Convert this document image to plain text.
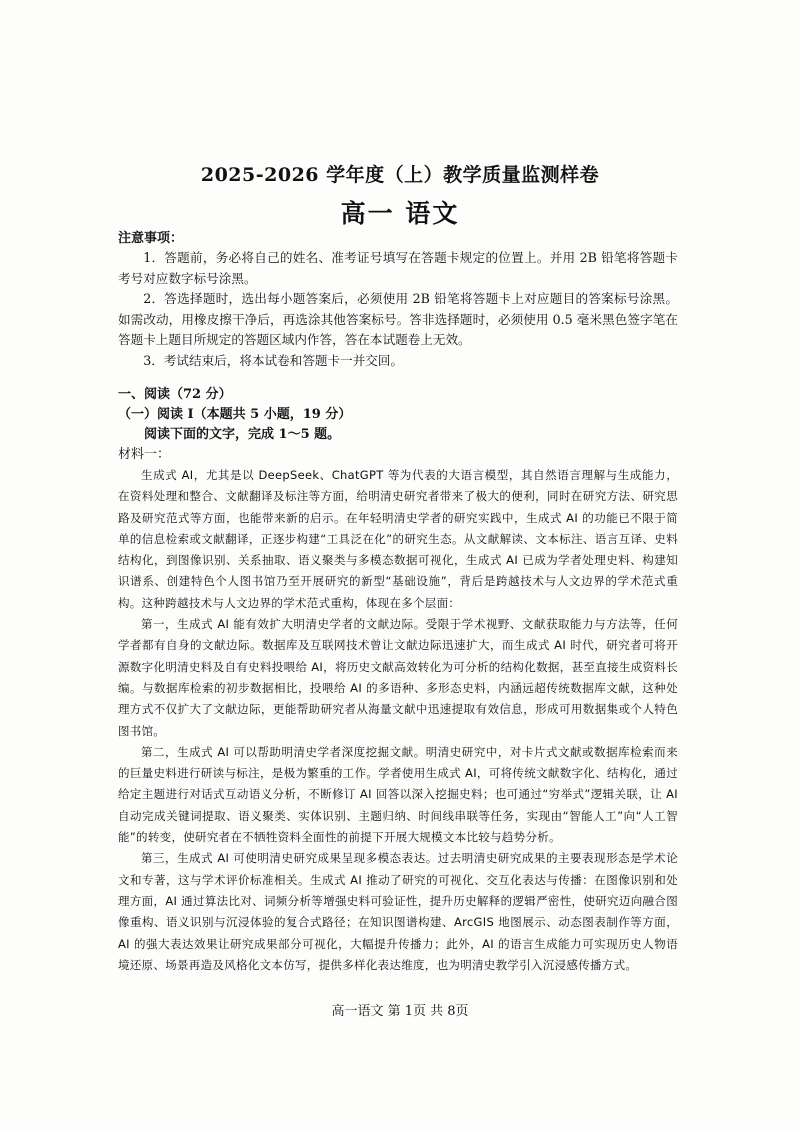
2025-2026 学年度（上）教学质量监测样卷
高一 语文

注意事项：

1．答题前，务必将自己的姓名、准考证号填写在答题卡规定的位置上。并用 2B 铅笔将答题卡考号对应数字标号涂黑。

2．答选择题时，选出每小题答案后，必须使用 2B 铅笔将答题卡上对应题目的答案标号涂黑。如需改动，用橡皮擦干净后，再选涂其他答案标号。答非选择题时，必须使用 0.5 毫米黑色签字笔在答题卡上题目所规定的答题区域内作答，答在本试题卷上无效。

3．考试结束后，将本试卷和答题卡一并交回。

一、阅读（72 分）

（一）阅读 I（本题共 5 小题，19 分）

阅读下面的文字，完成 1～5 题。

材料一：

生成式 AI，尤其是以 DeepSeek、ChatGPT 等为代表的大语言模型，其自然语言理解与生成能力，在资料处理和整合、文献翻译及标注等方面，给明清史研究者带来了极大的便利，同时在研究方法、研究思路及研究范式等方面，也能带来新的启示。在年轻明清史学者的研究实践中，生成式 AI 的功能已不限于简单的信息检索或文献翻译，正逐步构建“工具泛在化”的研究生态。从文献解读、文本标注、语言互译、史料结构化，到图像识别、关系抽取、语义聚类与多模态数据可视化，生成式 AI 已成为学者处理史料、构建知识谱系、创建特色个人图书馆乃至开展研究的新型“基础设施”，背后是跨越技术与人文边界的学术范式重构。这种跨越技术与人文边界的学术范式重构，体现在多个层面：

第一，生成式 AI 能有效扩大明清史学者的文献边际。受限于学术视野、文献获取能力与方法等，任何学者都有自身的文献边际。数据库及互联网技术曾让文献边际迅速扩大，而生成式 AI 时代，研究者可将开源数字化明清史料及自有史料投喂给 AI，将历史文献高效转化为可分析的结构化数据，甚至直接生成资料长编。与数据库检索的初步数据相比，投喂给 AI 的多语种、多形态史料，内涵远超传统数据库文献，这种处理方式不仅扩大了文献边际，更能帮助研究者从海量文献中迅速提取有效信息，形成可用数据集或个人特色图书馆。

第二，生成式 AI 可以帮助明清史学者深度挖掘文献。明清史研究中，对卡片式文献或数据库检索而来的巨量史料进行研读与标注，是极为繁重的工作。学者使用生成式 AI，可将传统文献数字化、结构化，通过给定主题进行对话式互动语义分析，不断修订 AI 回答以深入挖掘史料；也可通过“穷举式”逻辑关联，让 AI 自动完成关键词提取、语义聚类、实体识别、主题归纳、时间线串联等任务，实现由“智能人工”向“人工智能”的转变，使研究者在不牺牲资料全面性的前提下开展大规模文本比较与趋势分析。

第三，生成式 AI 可使明清史研究成果呈现多模态表达。过去明清史研究成果的主要表现形态是学术论文和专著，这与学术评价标准相关。生成式 AI 推动了研究的可视化、交互化表达与传播：在图像识别和处理方面，AI 通过算法比对、词频分析等增强史料可验证性，提升历史解释的逻辑严密性，使研究迈向融合图像重构、语义识别与沉浸体验的复合式路径；在知识图谱构建、ArcGIS 地图展示、动态图表制作等方面，AI 的强大表达效果让研究成果部分可视化，大幅提升传播力；此外，AI 的语言生成能力可实现历史人物语境还原、场景再造及风格化文本仿写，提供多样化表达维度，也为明清史教学引入沉浸感传播方式。

高一语文 第 1页 共 8页
